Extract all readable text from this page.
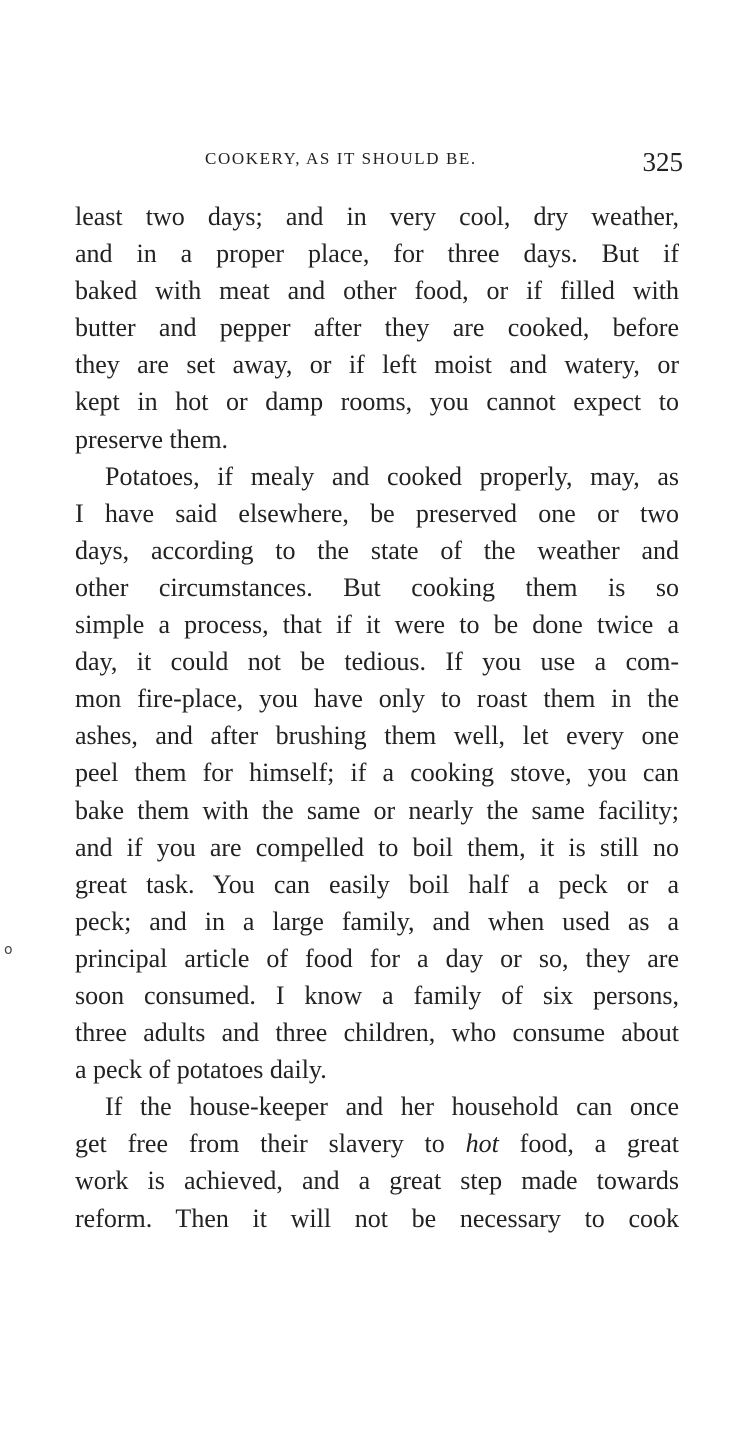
COOKERY, AS IT SHOULD BE.	325
least two days; and in very cool, dry weather,
and in a proper place, for three days. But if
baked with meat and other food, or if filled with
butter and pepper after they are cooked, before
they are set away, or if left moist and watery, or
kept in hot or damp rooms, you cannot expect to
preserve them.
Potatoes, if mealy and cooked properly, may, as
I have said elsewhere, be preserved one or two
days, according to the state of the weather and
other circumstances. But cooking them is so
simple a process, that if it were to be done twice a
day, it could not be tedious. If you use a com-
mon fire-place, you have only to roast them in the
ashes, and after brushing them well, let every one
peel them for himself; if a cooking stove, you can
bake them with the same or nearly the same facility;
and if you are compelled to boil them, it is still no
great task. You can easily boil half a peck or a
peck; and in a large family, and when used as a
principal article of food for a day or so, they are
soon consumed. I know a family of six persons,
three adults and three children, who consume about
a peck of potatoes daily.
If the house-keeper and her household can once
get free from their slavery to hot food, a great
work is achieved, and a great step made towards
reform. Then it will not be necessary to cook
o
